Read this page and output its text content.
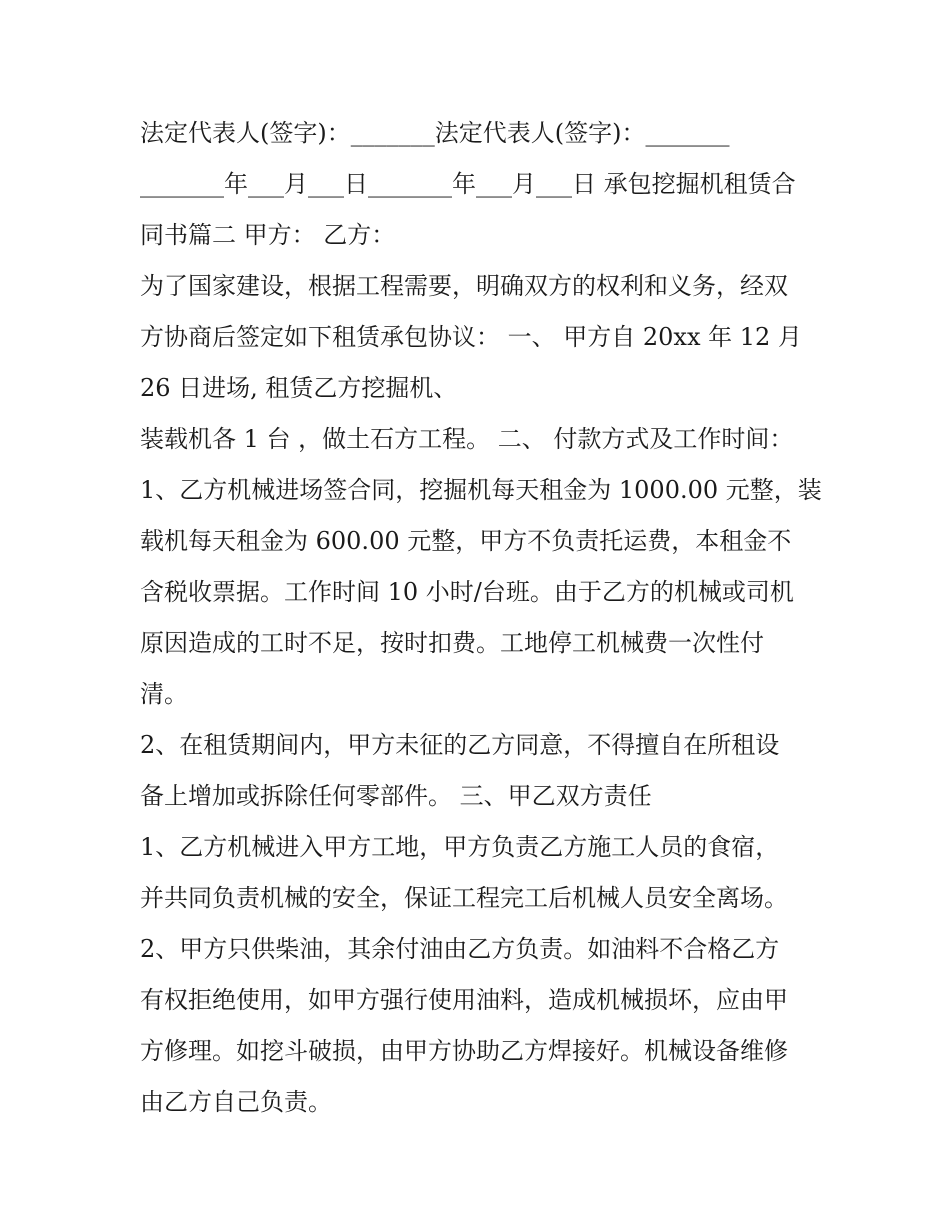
法定代表人(签字)：_______法定代表人(签字)：_______
_______年___月___日_______年___月___日 承包挖掘机租赁合
同书篇二 甲方： 乙方：
为了国家建设，根据工程需要，明确双方的权利和义务，经双
方协商后签定如下租赁承包协议： 一、 甲方自 20xx 年 12 月
26 日进场, 租赁乙方挖掘机、
装载机各 1 台 ，做土石方工程。 二、 付款方式及工作时间：
1、乙方机械进场签合同，挖掘机每天租金为 1000.00 元整，装
载机每天租金为 600.00 元整，甲方不负责托运费，本租金不
含税收票据。工作时间 10 小时/台班。由于乙方的机械或司机
原因造成的工时不足，按时扣费。工地停工机械费一次性付
清。
2、在租赁期间内，甲方未征的乙方同意，不得擅自在所租设
备上增加或拆除任何零部件。 三、甲乙双方责任
1、乙方机械进入甲方工地，甲方负责乙方施工人员的食宿，
并共同负责机械的安全，保证工程完工后机械人员安全离场。
2、甲方只供柴油，其余付油由乙方负责。如油料不合格乙方
有权拒绝使用，如甲方强行使用油料，造成机械损坏，应由甲
方修理。如挖斗破损，由甲方协助乙方焊接好。机械设备维修
由乙方自己负责。
